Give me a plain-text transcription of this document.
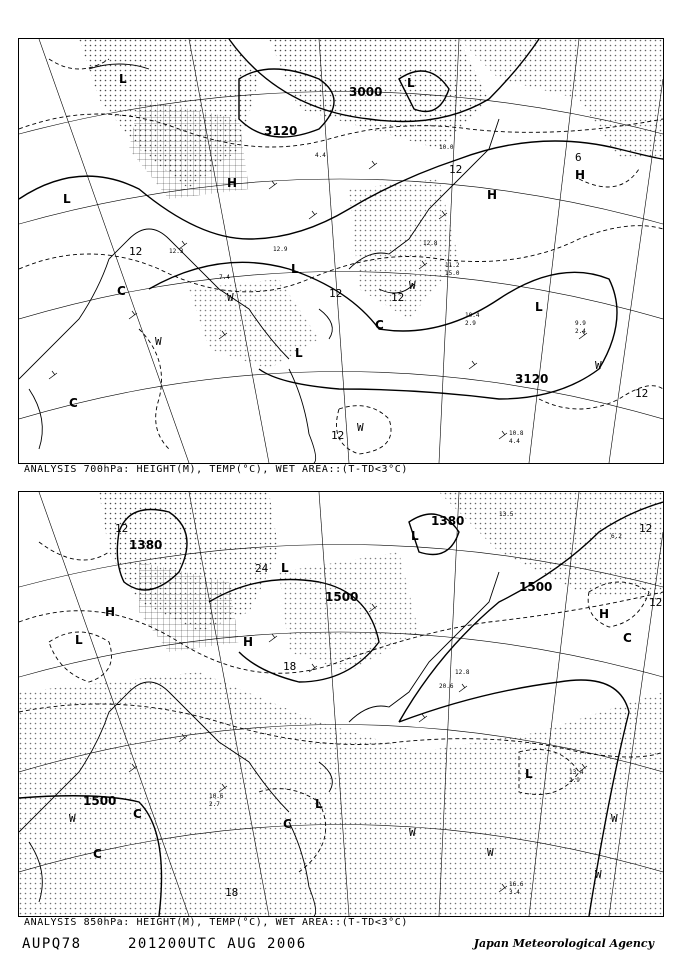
3000
3120
3120
12
12	12
12
12
6
12
L	L
L
L
L
L
H
H
H
W
W
W
W
W
C
C
C
4.4
10.0
12.8
11.2
15.0
10.4
2.9	9.9
2.4
10.8
4.4
12.3
7.4
12.9
ANALYSIS 700hPa: HEIGHT(M), TEMP(°C), WET AREA::(T-TD<3°C)
1380
1380
1500
1500
1500
12
18
12
12
24
18
L
L
L
L
L
H
H
H
W
W
W
W
W
C
C
C
C
13.4
2.9
16.6
3.4
10.6
2.7
20.6
12.8
13.5
6.2
ANALYSIS 850hPa: HEIGHT(M), TEMP(°C), WET AREA::(T-TD<3°C)
AUPQ78	201200UTC AUG 2006	Japan Meteorological Agency
